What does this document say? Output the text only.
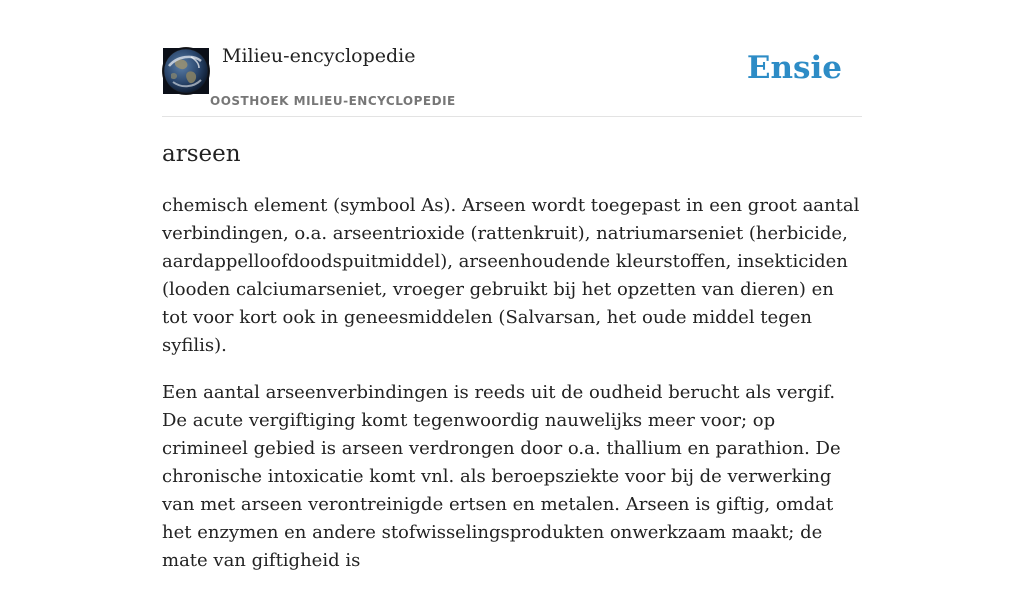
Milieu-encyclopedie
OOSTHOEK MILIEU-ENCYCLOPEDIE
Ensie
arseen

chemisch element (symbool As). Arseen wordt toegepast in een groot aantal verbindingen, o.a. arseentrioxide (rattenkruit), natriumarseniet (herbicide, aardappelloofdoodspuitmiddel), arseenhoudende kleurstoffen, insekticiden (looden calciumarseniet, vroeger gebruikt bij het opzetten van dieren) en tot voor kort ook in geneesmiddelen (Salvarsan, het oude middel tegen syfilis).

Een aantal arseenverbindingen is reeds uit de oudheid berucht als vergif. De acute vergiftiging komt tegenwoordig nauwelijks meer voor; op crimineel gebied is arseen verdrongen door o.a. thallium en parathion. De chronische intoxicatie komt vnl. als beroepsziekte voor bij de verwerking van met arseen verontreinigde ertsen en metalen. Arseen is giftig, omdat het enzymen en andere stofwisselingsprodukten onwerkzaam maakt; de mate van giftigheid is
